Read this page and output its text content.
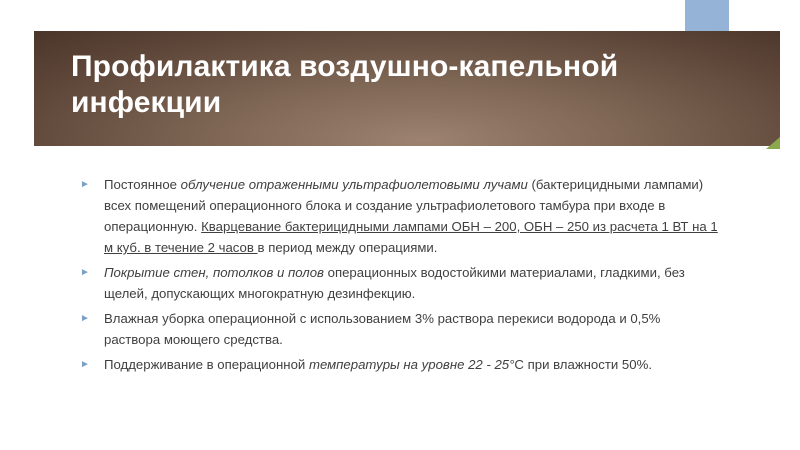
Профилактика воздушно-капельной инфекции
► Постоянное облучение отраженными ультрафиолетовыми лучами (бактерицидными лампами) всех помещений операционного блока и создание ультрафиолетового тамбура при входе в операционную. Кварцевание бактерицидными лампами ОБН – 200, ОБН – 250 из расчета 1 ВТ на 1 м куб. в течение 2 часов в период между операциями.
► Покрытие стен, потолков и полов операционных водостойкими материалами, гладкими, без щелей, допускающих многократную дезинфекцию.
► Влажная уборка операционной с использованием 3% раствора перекиси водорода и 0,5% раствора моющего средства.
► Поддерживание в операционной температуры на уровне 22 - 25°С при влажности 50%.
